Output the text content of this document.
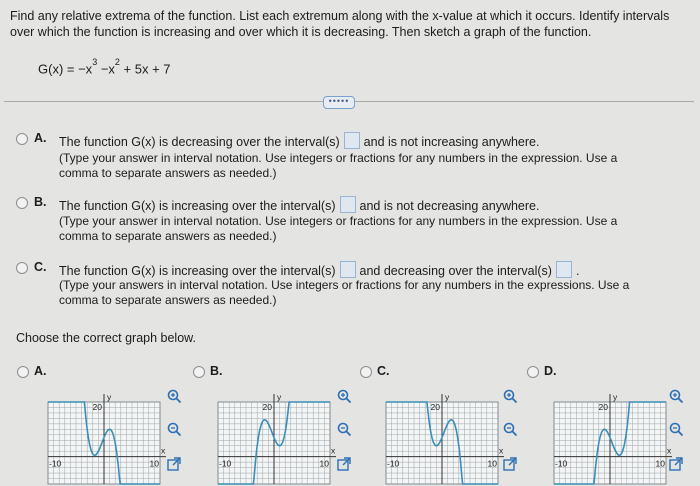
Find any relative extrema of the function. List each extremum along with the x-value at which it occurs. Identify intervals over which the function is increasing and over which it is decreasing. Then sketch a graph of the function.
$G(x) = -x^3 -x^2 + 5x + 7$
•••••
A. The function G(x) is decreasing over the interval(s) and is not increasing anywhere.
(Type your answer in interval notation. Use integers or fractions for any numbers in the expression. Use a
comma to separate answers as needed.)
B. The function G(x) is increasing over the interval(s) and is not decreasing anywhere.
(Type your answer in interval notation. Use integers or fractions for any numbers in the expression. Use a
comma to separate answers as needed.)
C. The function G(x) is increasing over the interval(s) and decreasing over the interval(s) .
(Type your answers in interval notation. Use integers or fractions for any numbers in the expressions. Use a
comma to separate answers as needed.)
Choose the correct graph below.
A.
20
y
x
-10	10
B.
20
y
x
-10	10
C.
20
y
x
-10	10
D.
20
y
x
-10	10
